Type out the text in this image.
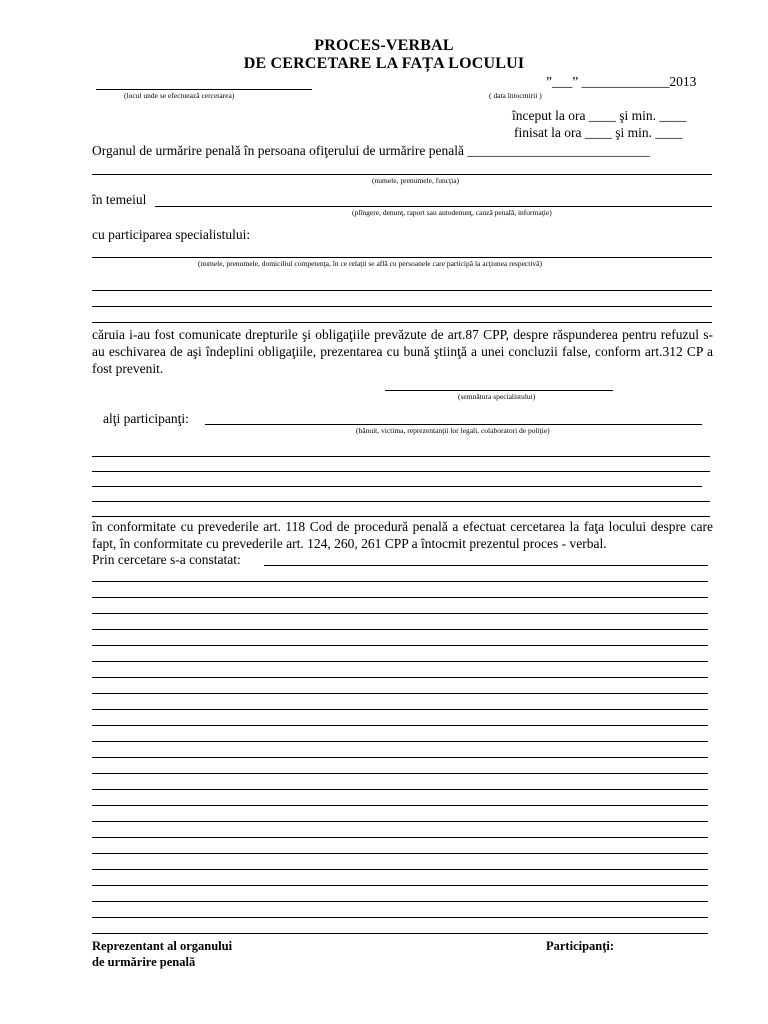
PROCES-VERBAL
DE CERCETARE LA FAȚA LOCULUI
(locul unde se efectuează cercetarea)
”___” _____________2013
( data întocmirii )
început la ora ____ şi min. ____
finisat la ora ____ şi min. ____
Organul de urmărire penală în persoana ofiţerului de urmărire penală ___________________________
(numele, prenumele, funcţia)
în temeiul
(plîngere, denunţ, raport sau autodenunţ, cauză penală, informaţie)
cu participarea specialistului:
(numele, prenumele, domiciliul competenţa, în ce relaţii se află cu persoanele care participă la acţiunea respectivă)
căruia i-au fost comunicate drepturile şi obligaţiile prevăzute de art.87 CPP, despre răspunderea pentru refuzul s-au eschivarea de aşi îndeplini obligaţiile, prezentarea cu bună ştiinţă a unei concluzii false, conform art.312 CP a fost prevenit.
(semnătura specialistului)
alţi participanţi:
(bănuit, victima, reprezentanţii lor legali, colaboratori de poliţie)
în conformitate cu prevederile art. 118 Cod de procedură penală a efectuat cercetarea la faţa locului despre care fapt, în conformitate cu prevederile art. 124, 260, 261 CPP a întocmit prezentul proces - verbal.
Prin cercetare s-a constatat:
Reprezentant al organului
de urmărire penală
Participanţi:
